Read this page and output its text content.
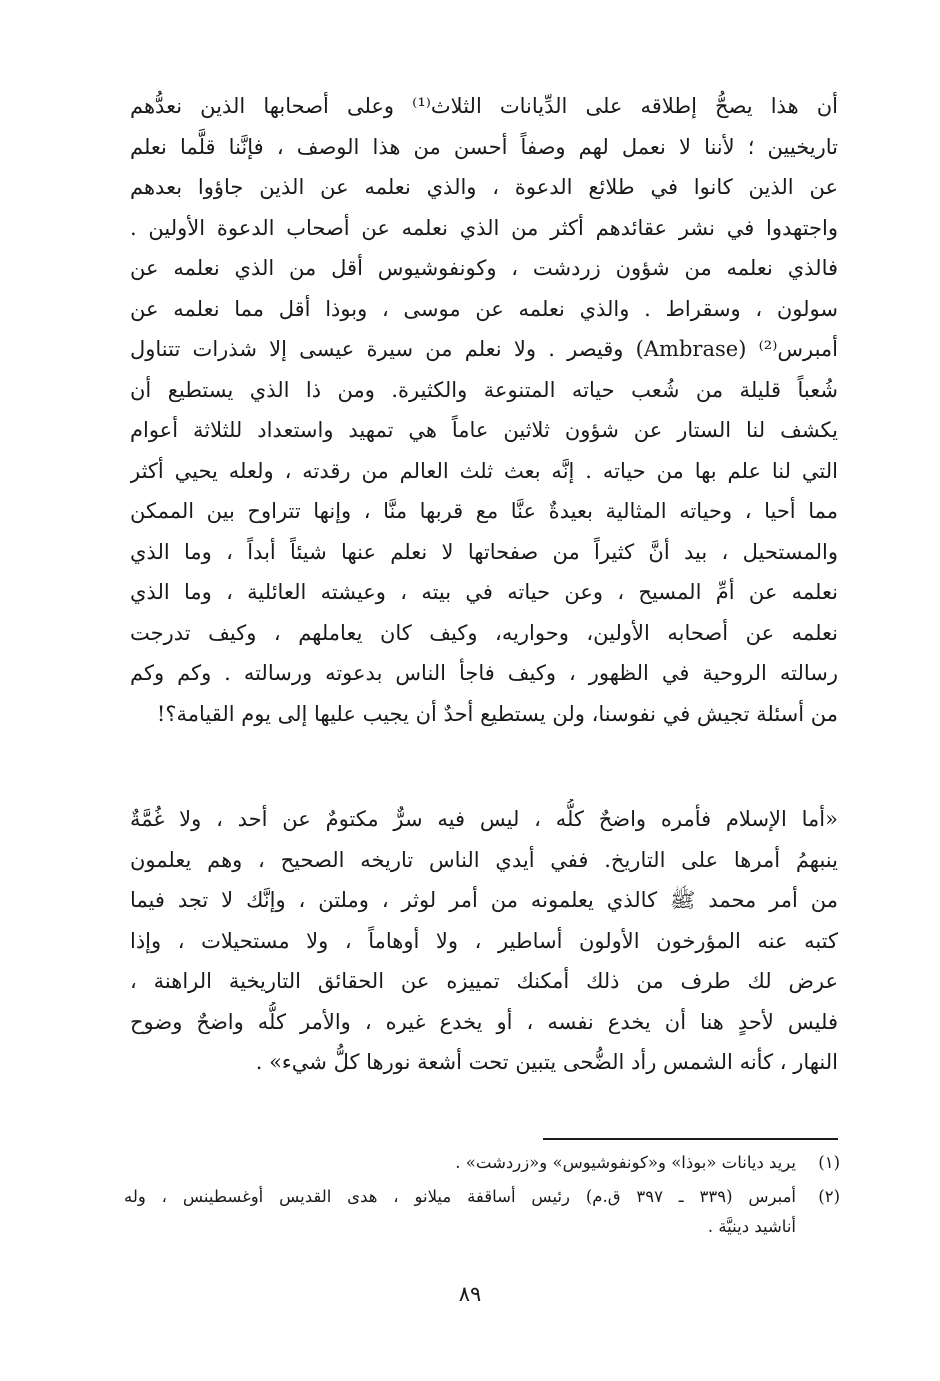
أن هذا يصحُّ إطلاقه على الدِّيانات الثلاث⁽¹⁾ وعلى أصحابها الذين نعدُّهم
تاريخيين ؛ لأننا لا نعمل لهم وصفاً أحسن من هذا الوصف ، فإنَّنا قلَّما نعلم
عن الذين كانوا في طلائع الدعوة ، والذي نعلمه عن الذين جاؤوا بعدهم
واجتهدوا في نشر عقائدهم أكثر من الذي نعلمه عن أصحاب الدعوة الأولين .
فالذي نعلمه من شؤون زردشت ، وكونفوشيوس أقل من الذي نعلمه عن
سولون ، وسقراط . والذي نعلمه عن موسى ، وبوذا أقل مما نعلمه عن
أمبرس⁽²⁾ (Ambrase) وقيصر . ولا نعلم من سيرة عيسى إلا شذرات تتناول
شُعباً قليلة من شُعب حياته المتنوعة والكثيرة. ومن ذا الذي يستطيع أن
يكشف لنا الستار عن شؤون ثلاثين عاماً هي تمهيد واستعداد للثلاثة أعوام
التي لنا علم بها من حياته . إنَّه بعث ثلث العالم من رقدته ، ولعله يحيي أكثر
مما أحيا ، وحياته المثالية بعيدةٌ عنَّا مع قربها منَّا ، وإنها تتراوح بين الممكن
والمستحيل ، بيد أنَّ كثيراً من صفحاتها لا نعلم عنها شيئاً أبداً ، وما الذي
نعلمه عن أمِّ المسيح ، وعن حياته في بيته ، وعيشته العائلية ، وما الذي
نعلمه عن أصحابه الأولين، وحواريه، وكيف كان يعاملهم ، وكيف تدرجت
رسالته الروحية في الظهور ، وكيف فاجأ الناس بدعوته ورسالته . وكم وكم
من أسئلة تجيش في نفوسنا، ولن يستطيع أحدٌ أن يجيب عليها إلى يوم القيامة؟!
«أما الإسلام فأمره واضحٌ كلُّه ، ليس فيه سرٌّ مكتومٌ عن أحد ، ولا غُمَّةٌ
ينبهمُ أمرها على التاريخ. ففي أيدي الناس تاريخه الصحيح ، وهم يعلمون
من أمر محمد ﷺ كالذي يعلمونه من أمر لوثر ، وملتن ، وإنَّك لا تجد فيما
كتبه عنه المؤرخون الأولون أساطير ، ولا أوهاماً ، ولا مستحيلات ، وإذا
عرض لك طرف من ذلك أمكنك تمييزه عن الحقائق التاريخية الراهنة ،
فليس لأحدٍ هنا أن يخدع نفسه ، أو يخدع غيره ، والأمر كلُّه واضحٌ وضوح
النهار ، كأنه الشمس رأد الضُّحى يتبين تحت أشعة نورها كلُّ شيء» .
(١)
يريد ديانات «بوذا» و«كونفوشيوس» و«زردشت» .
(٢)
أمبرس (٣٣٩ ـ ٣٩٧ ق.م) رئيس أساقفة ميلانو ، هدى القديس أوغسطينس ، وله
أناشيد دينيَّة .
٨٩
